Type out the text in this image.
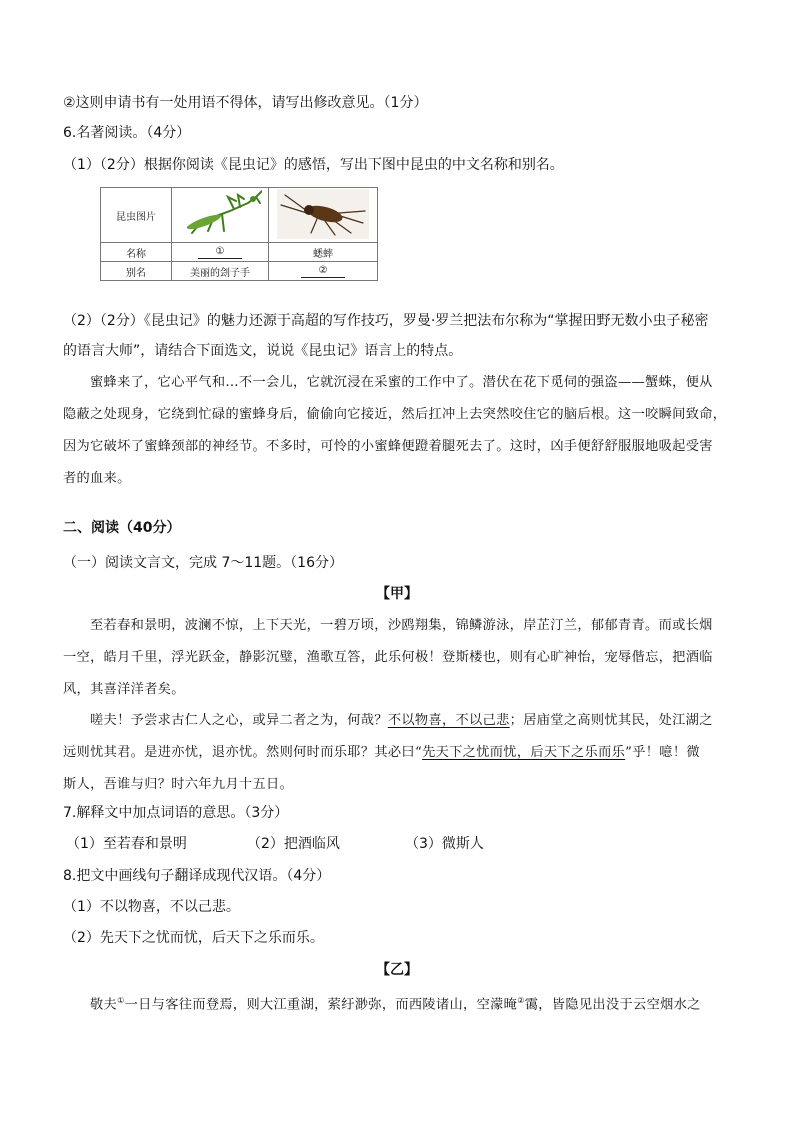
②这则申请书有一处用语不得体，请写出修改意见。（1分）
6.名著阅读。（4分）
（1）（2分）根据你阅读《昆虫记》的感悟，写出下图中昆虫的中文名称和别名。
昆虫图片		
名称	①	蟋蟀
别名	美丽的刽子手	②
（2）（2分）《昆虫记》的魅力还源于高超的写作技巧，罗曼·罗兰把法布尔称为“掌握田野无数小虫子秘密
的语言大师”，请结合下面选文，说说《昆虫记》语言上的特点。
蜜蜂来了，它心平气和…不一会儿，它就沉浸在采蜜的工作中了。潜伏在花下觅伺的强盗——蟹蛛，便从
隐蔽之处现身，它绕到忙碌的蜜蜂身后，偷偷向它接近，然后扛冲上去突然咬住它的脑后根。这一咬瞬间致命，
因为它破坏了蜜蜂颈部的神经节。不多时，可怜的小蜜蜂便蹬着腿死去了。这时，凶手便舒舒服服地吸起受害
者的血来。
二、阅读（40分）
（一）阅读文言文，完成 7～11题。（16分）
【甲】
至若春和景明，波澜不惊，上下天光，一碧万顷，沙鸥翔集，锦鳞游泳，岸芷汀兰，郁郁青青。而或长烟
一空，皓月千里，浮光跃金，静影沉璧，渔歌互答，此乐何极！登斯楼也，则有心旷神怡，宠辱偕忘，把酒临
风，其喜洋洋者矣。
嗟夫！予尝求古仁人之心，或异二者之为，何哉？不以物喜，不以己悲；居庙堂之高则忧其民，处江湖之
远则忧其君。是进亦忧，退亦忧。然则何时而乐耶？其必曰“先天下之忧而忧，后天下之乐而乐”乎！噫！微
斯人，吾谁与归？时六年九月十五日。
7.解释文中加点词语的意思。（3分）
（1）至若春和景明	（2）把酒临风	（3）微斯人
8.把文中画线句子翻译成现代汉语。（4分）
（1）不以物喜，不以己悲。
（2）先天下之忧而忧，后天下之乐而乐。
【乙】
敬夫①一日与客往而登焉，则大江重湖，萦纡渺弥，而西陵诸山，空濛晻②霭，皆隐见出没于云空烟水之
